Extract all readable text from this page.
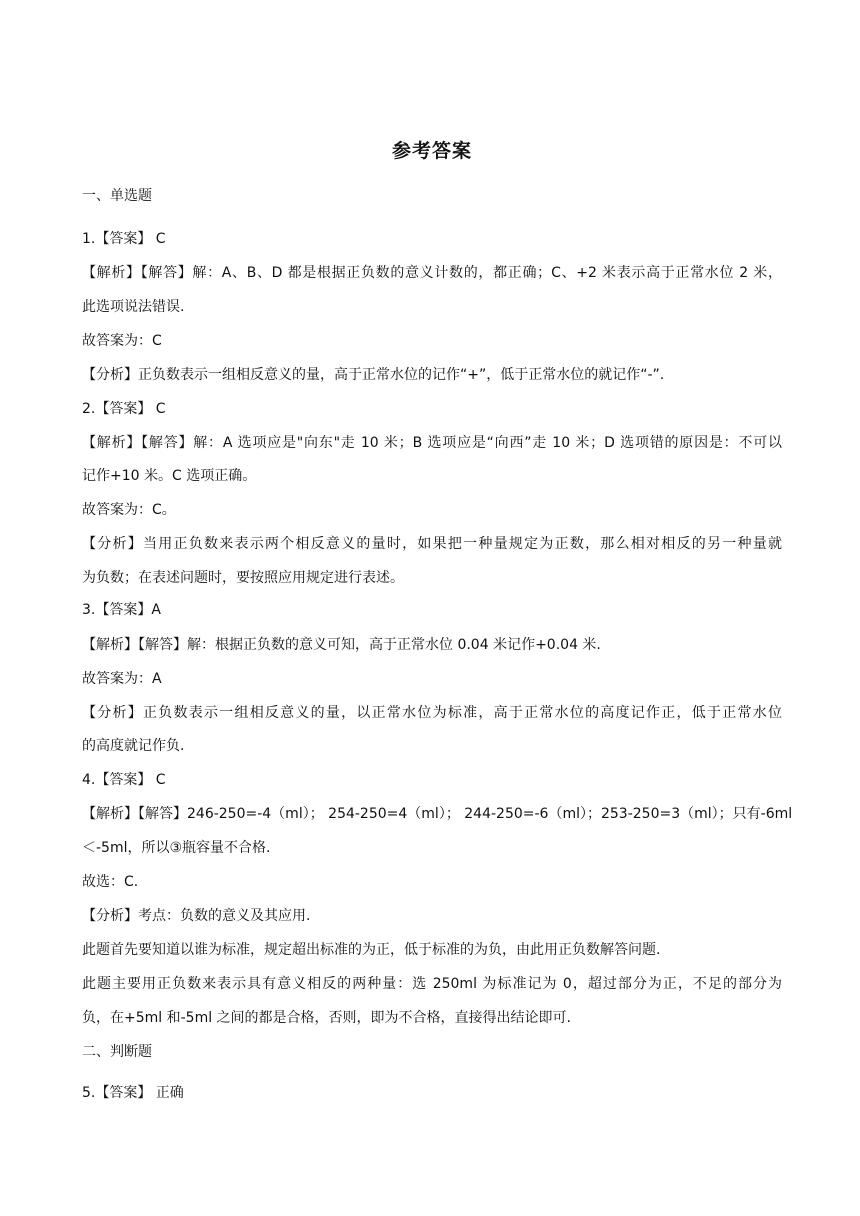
参考答案
一、单选题
1.【答案】 C
【解析】【解答】解：A、B、D 都是根据正负数的意义计数的，都正确；C、+2 米表示高于正常水位 2 米，
此选项说法错误.
故答案为：C
【分析】正负数表示一组相反意义的量，高于正常水位的记作“+”，低于正常水位的就记作“-”.
2.【答案】 C
【解析】【解答】解：A 选项应是"向东"走 10 米；B 选项应是“向西”走 10 米；D 选项错的原因是：不可以
记作+10 米。C 选项正确。
故答案为：C。
【分析】当用正负数来表示两个相反意义的量时，如果把一种量规定为正数，那么相对相反的另一种量就
为负数；在表述问题时，要按照应用规定进行表述。
3.【答案】A
【解析】【解答】解：根据正负数的意义可知，高于正常水位 0.04 米记作+0.04 米.
故答案为：A
【分析】正负数表示一组相反意义的量，以正常水位为标准，高于正常水位的高度记作正，低于正常水位
的高度就记作负.
4.【答案】 C
【解析】【解答】246-250=-4（ml）； 254-250=4（ml）； 244-250=-6（ml）；253-250=3（ml）；只有-6ml
＜-5ml，所以③瓶容量不合格.
故选：C.
【分析】考点：负数的意义及其应用.
此题首先要知道以谁为标准，规定超出标准的为正，低于标准的为负，由此用正负数解答问题.
此题主要用正负数来表示具有意义相反的两种量：选 250ml 为标准记为 0，超过部分为正，不足的部分为
负，在+5ml 和-5ml 之间的都是合格，否则，即为不合格，直接得出结论即可.
二、判断题
5.【答案】 正确
